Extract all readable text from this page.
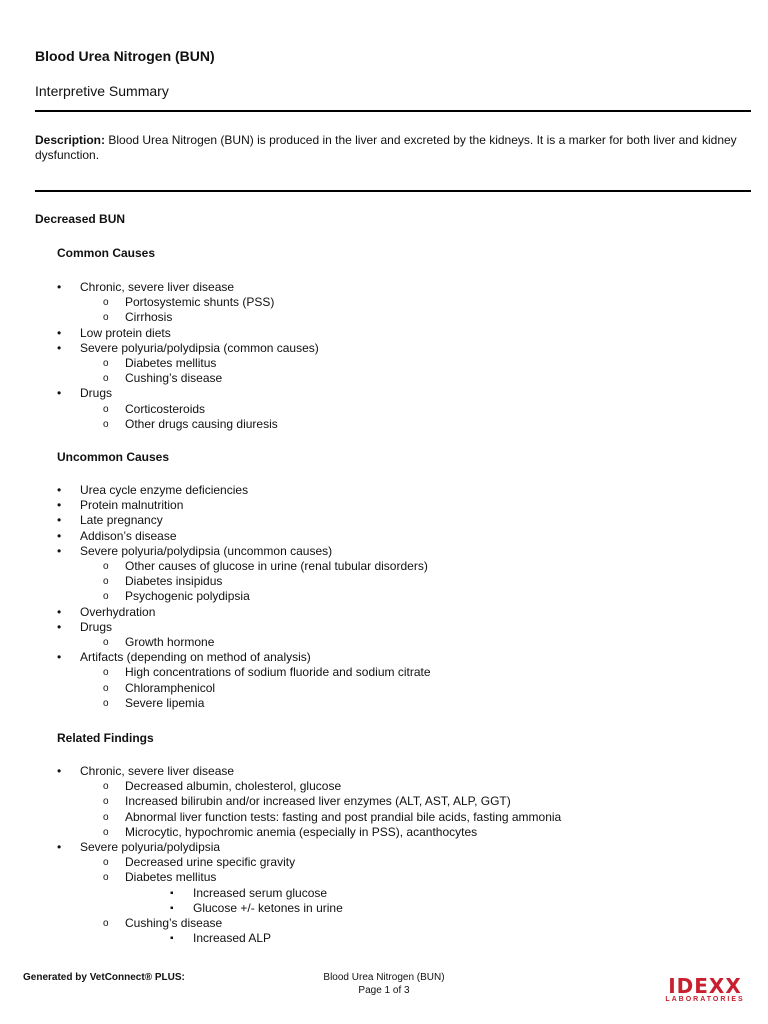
Blood Urea Nitrogen (BUN)
Interpretive Summary
Description: Blood Urea Nitrogen (BUN) is produced in the liver and excreted by the kidneys. It is a marker for both liver and kidney dysfunction.
Decreased BUN
Common Causes
• Chronic, severe liver disease
o Portosystemic shunts (PSS)
o Cirrhosis
• Low protein diets
• Severe polyuria/polydipsia (common causes)
o Diabetes mellitus
o Cushing’s disease
• Drugs
o Corticosteroids
o Other drugs causing diuresis
Uncommon Causes
• Urea cycle enzyme deficiencies
• Protein malnutrition
• Late pregnancy
• Addison’s disease
• Severe polyuria/polydipsia (uncommon causes)
o Other causes of glucose in urine (renal tubular disorders)
o Diabetes insipidus
o Psychogenic polydipsia
• Overhydration
• Drugs
o Growth hormone
• Artifacts (depending on method of analysis)
o High concentrations of sodium fluoride and sodium citrate
o Chloramphenicol
o Severe lipemia
Related Findings
• Chronic, severe liver disease
o Decreased albumin, cholesterol, glucose
o Increased bilirubin and/or increased liver enzymes (ALT, AST, ALP, GGT)
o Abnormal liver function tests: fasting and post prandial bile acids, fasting ammonia
o Microcytic, hypochromic anemia (especially in PSS), acanthocytes
• Severe polyuria/polydipsia
o Decreased urine specific gravity
o Diabetes mellitus
▪ Increased serum glucose
▪ Glucose +/- ketones in urine
o Cushing’s disease
▪ Increased ALP
Generated by VetConnect® PLUS:	Blood Urea Nitrogen (BUN)
Page 1 of 3	IDEXX
LABORATORIES
